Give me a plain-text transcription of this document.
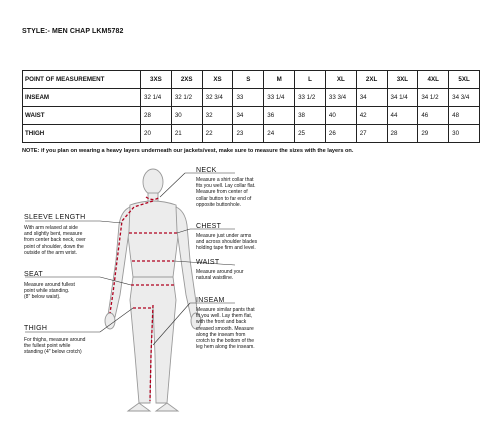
STYLE:- MEN CHAP LKM5782
POINT OF MEASUREMENT	3XS	2XS	XS	S	M	L	XL	2XL	3XL	4XL	5XL
INSEAM	32 1/4	32 1/2	32 3/4	33	33 1/4	33 1/2	33 3/4	34	34 1/4	34 1/2	34 3/4
WAIST	28	30	32	34	36	38	40	42	44	46	48
THIGH	20	21	22	23	24	25	26	27	28	29	30
NOTE: if you plan on wearing a heavy layers underneath our jackets/vest, make sure to measure the sizes with the layers on.
NECK
Measure a shirt collar that
fits you well. Lay collar flat.
Measure from center of
collar button to far end of
opposite buttonhole.
CHEST
Measure just under arms
and across shoulder blades
holding tape firm and level.
WAIST
Measure around your
natural waistline.
INSEAM
Measure similar pants that
fit you well. Lay them flat,
with the front and back
creased smooth. Measure
along the inseam from
crotch to the bottom of the
leg hem along the inseam.
SLEEVE LENGTH
With arm relaxed at side
and slightly bent, measure
from center back neck, over
point of shoulder, down the
outside of the arm wrist.
SEAT
Measure around fullest
point while standing.
(8" below waist).
THIGH
For thighs, measure around
the fullest point while
standing (4" below crotch)
